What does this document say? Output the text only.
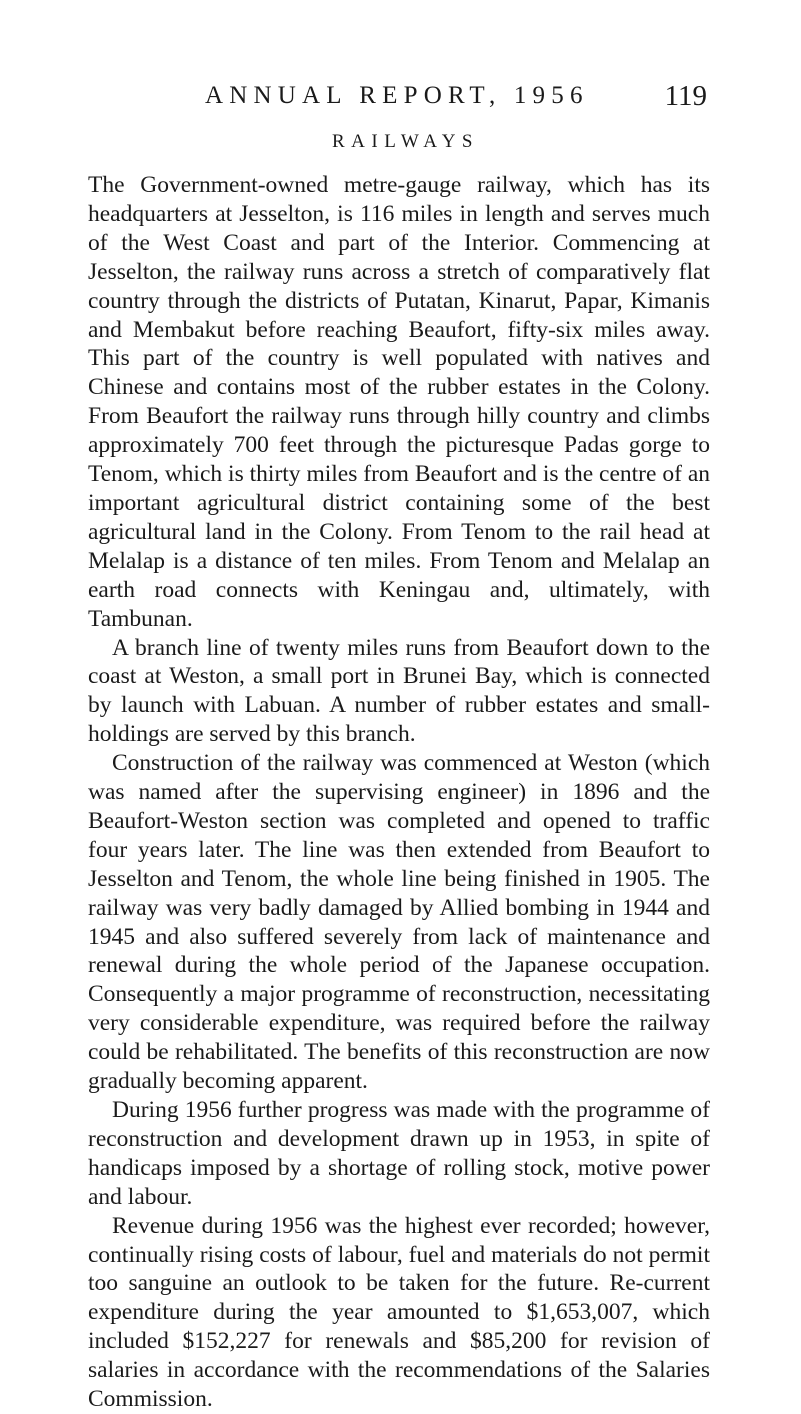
ANNUAL REPORT, 1956	119
RAILWAYS

The Government-owned metre-gauge railway, which has its headquarters at Jesselton, is 116 miles in length and serves much of the West Coast and part of the Interior. Commencing at Jesselton, the railway runs across a stretch of comparatively flat country through the districts of Putatan, Kinarut, Papar, Kimanis and Membakut before reaching Beaufort, fifty-six miles away. This part of the country is well populated with natives and Chinese and contains most of the rubber estates in the Colony. From Beaufort the railway runs through hilly country and climbs approximately 700 feet through the picturesque Padas gorge to Tenom, which is thirty miles from Beaufort and is the centre of an important agricultural district containing some of the best agricultural land in the Colony. From Tenom to the rail head at Melalap is a distance of ten miles. From Tenom and Melalap an earth road connects with Keningau and, ultimately, with Tambunan.

A branch line of twenty miles runs from Beaufort down to the coast at Weston, a small port in Brunei Bay, which is connected by launch with Labuan. A number of rubber estates and small-holdings are served by this branch.

Construction of the railway was commenced at Weston (which was named after the supervising engineer) in 1896 and the Beaufort-Weston section was completed and opened to traffic four years later. The line was then extended from Beaufort to Jesselton and Tenom, the whole line being finished in 1905. The railway was very badly damaged by Allied bombing in 1944 and 1945 and also suffered severely from lack of maintenance and renewal during the whole period of the Japanese occupation. Consequently a major programme of reconstruction, necessitating very considerable expenditure, was required before the railway could be rehabilitated. The benefits of this reconstruction are now gradually becoming apparent.

During 1956 further progress was made with the programme of reconstruction and development drawn up in 1953, in spite of handicaps imposed by a shortage of rolling stock, motive power and labour.

Revenue during 1956 was the highest ever recorded; however, continually rising costs of labour, fuel and materials do not permit too sanguine an outlook to be taken for the future. Re-current expenditure during the year amounted to $1,653,007, which included $152,227 for renewals and $85,200 for revision of salaries in accordance with the recommendations of the Salaries Commission.
